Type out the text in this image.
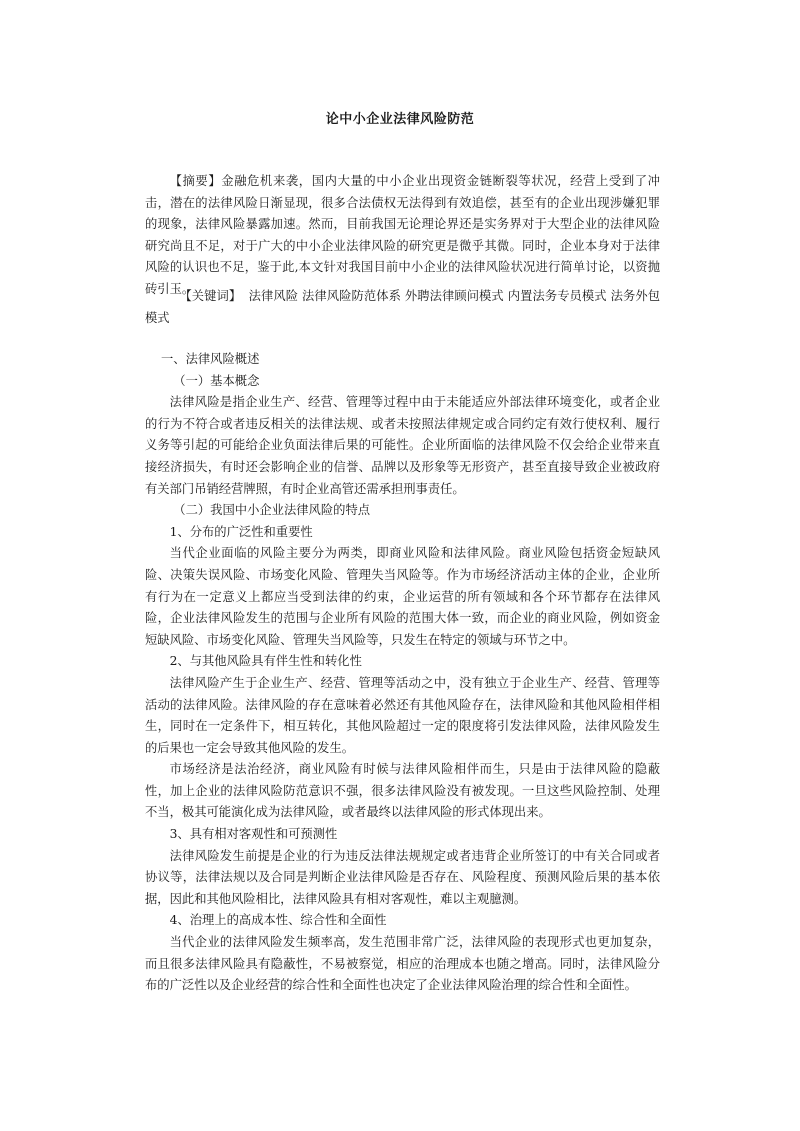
论中小企业法律风险防范

【摘要】金融危机来袭，国内大量的中小企业出现资金链断裂等状况，经营上受到了冲击，潜在的法律风险日渐显现，很多合法债权无法得到有效追偿，甚至有的企业出现涉嫌犯罪的现象，法律风险暴露加速。然而，目前我国无论理论界还是实务界对于大型企业的法律风险研究尚且不足，对于广大的中小企业法律风险的研究更是微乎其微。同时，企业本身对于法律风险的认识也不足，鉴于此,本文针对我国目前中小企业的法律风险状况进行简单讨论，以资抛砖引玉。

【关键词】 法律风险 法律风险防范体系 外聘法律顾问模式 内置法务专员模式 法务外包模式

一、法律风险概述

（一）基本概念

法律风险是指企业生产、经营、管理等过程中由于未能适应外部法律环境变化，或者企业的行为不符合或者违反相关的法律法规、或者未按照法律规定或合同约定有效行使权利、履行义务等引起的可能给企业负面法律后果的可能性。企业所面临的法律风险不仅会给企业带来直接经济损失，有时还会影响企业的信誉、品牌以及形象等无形资产，甚至直接导致企业被政府有关部门吊销经营牌照，有时企业高管还需承担刑事责任。

（二）我国中小企业法律风险的特点

1、分布的广泛性和重要性

当代企业面临的风险主要分为两类，即商业风险和法律风险。商业风险包括资金短缺风险、决策失误风险、市场变化风险、管理失当风险等。作为市场经济活动主体的企业，企业所有行为在一定意义上都应当受到法律的约束，企业运营的所有领域和各个环节都存在法律风险，企业法律风险发生的范围与企业所有风险的范围大体一致，而企业的商业风险，例如资金短缺风险、市场变化风险、管理失当风险等，只发生在特定的领域与环节之中。

2、与其他风险具有伴生性和转化性

法律风险产生于企业生产、经营、管理等活动之中，没有独立于企业生产、经营、管理等活动的法律风险。法律风险的存在意味着必然还有其他风险存在，法律风险和其他风险相伴相生，同时在一定条件下，相互转化，其他风险超过一定的限度将引发法律风险，法律风险发生的后果也一定会导致其他风险的发生。

市场经济是法治经济，商业风险有时候与法律风险相伴而生，只是由于法律风险的隐蔽性，加上企业的法律风险防范意识不强，很多法律风险没有被发现。一旦这些风险控制、处理不当，极其可能演化成为法律风险，或者最终以法律风险的形式体现出来。

3、具有相对客观性和可预测性

法律风险发生前提是企业的行为违反法律法规规定或者违背企业所签订的中有关合同或者协议等，法律法规以及合同是判断企业法律风险是否存在、风险程度、预测风险后果的基本依据，因此和其他风险相比，法律风险具有相对客观性，难以主观臆测。

4、治理上的高成本性、综合性和全面性

当代企业的法律风险发生频率高，发生范围非常广泛，法律风险的表现形式也更加复杂，而且很多法律风险具有隐蔽性，不易被察觉，相应的治理成本也随之增高。同时，法律风险分布的广泛性以及企业经营的综合性和全面性也决定了企业法律风险治理的综合性和全面性。
